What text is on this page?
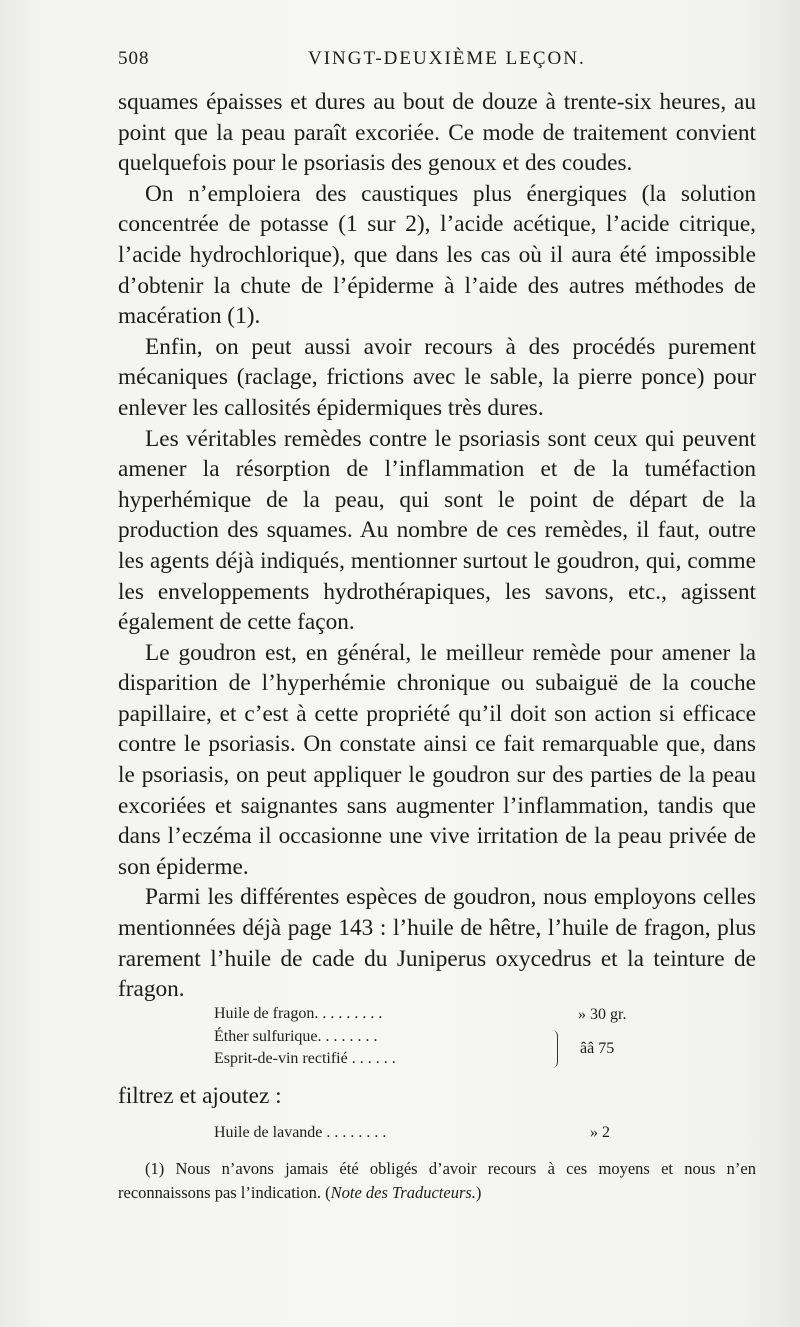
508	VINGT-DEUXIÈME LEÇON.

squames épaisses et dures au bout de douze à trente-six heures, au point que la peau paraît excoriée. Ce mode de traitement convient quelquefois pour le psoriasis des genoux et des coudes.

On n’emploiera des caustiques plus énergiques (la solution concentrée de potasse (1 sur 2), l’acide acétique, l’acide citrique, l’acide hydrochlorique), que dans les cas où il aura été impossible d’obtenir la chute de l’épiderme à l’aide des autres méthodes de macération (1).

Enfin, on peut aussi avoir recours à des procédés purement mécaniques (raclage, frictions avec le sable, la pierre ponce) pour enlever les callosités épidermiques très dures.

Les véritables remèdes contre le psoriasis sont ceux qui peuvent amener la résorption de l’inflammation et de la tuméfaction hyperhémique de la peau, qui sont le point de départ de la production des squames. Au nombre de ces remèdes, il faut, outre les agents déjà indiqués, mentionner surtout le goudron, qui, comme les enveloppements hydrothérapiques, les savons, etc., agissent également de cette façon.

Le goudron est, en général, le meilleur remède pour amener la disparition de l’hyperhémie chronique ou subaiguë de la couche papillaire, et c’est à cette propriété qu’il doit son action si efficace contre le psoriasis. On constate ainsi ce fait remarquable que, dans le psoriasis, on peut appliquer le goudron sur des parties de la peau excoriées et saignantes sans augmenter l’inflammation, tandis que dans l’eczéma il occasionne une vive irritation de la peau privée de son épiderme.

Parmi les différentes espèces de goudron, nous employons celles mentionnées déjà page 143 : l’huile de hêtre, l’huile de fragon, plus rarement l’huile de cade du Juniperus oxycedrus et la teinture de fragon.

Huile de fragon. . . . . . . . .	» 30 gr.
Éther sulfurique. . . . . . . .
Esprit-de-vin rectifié . . . . . .
ââ 75
filtrez et ajoutez :
Huile de lavande . . . . . . . .	» 2
(1) Nous n’avons jamais été obligés d’avoir recours à ces moyens et nous n’en reconnaissons pas l’indication. (Note des Traducteurs.)
